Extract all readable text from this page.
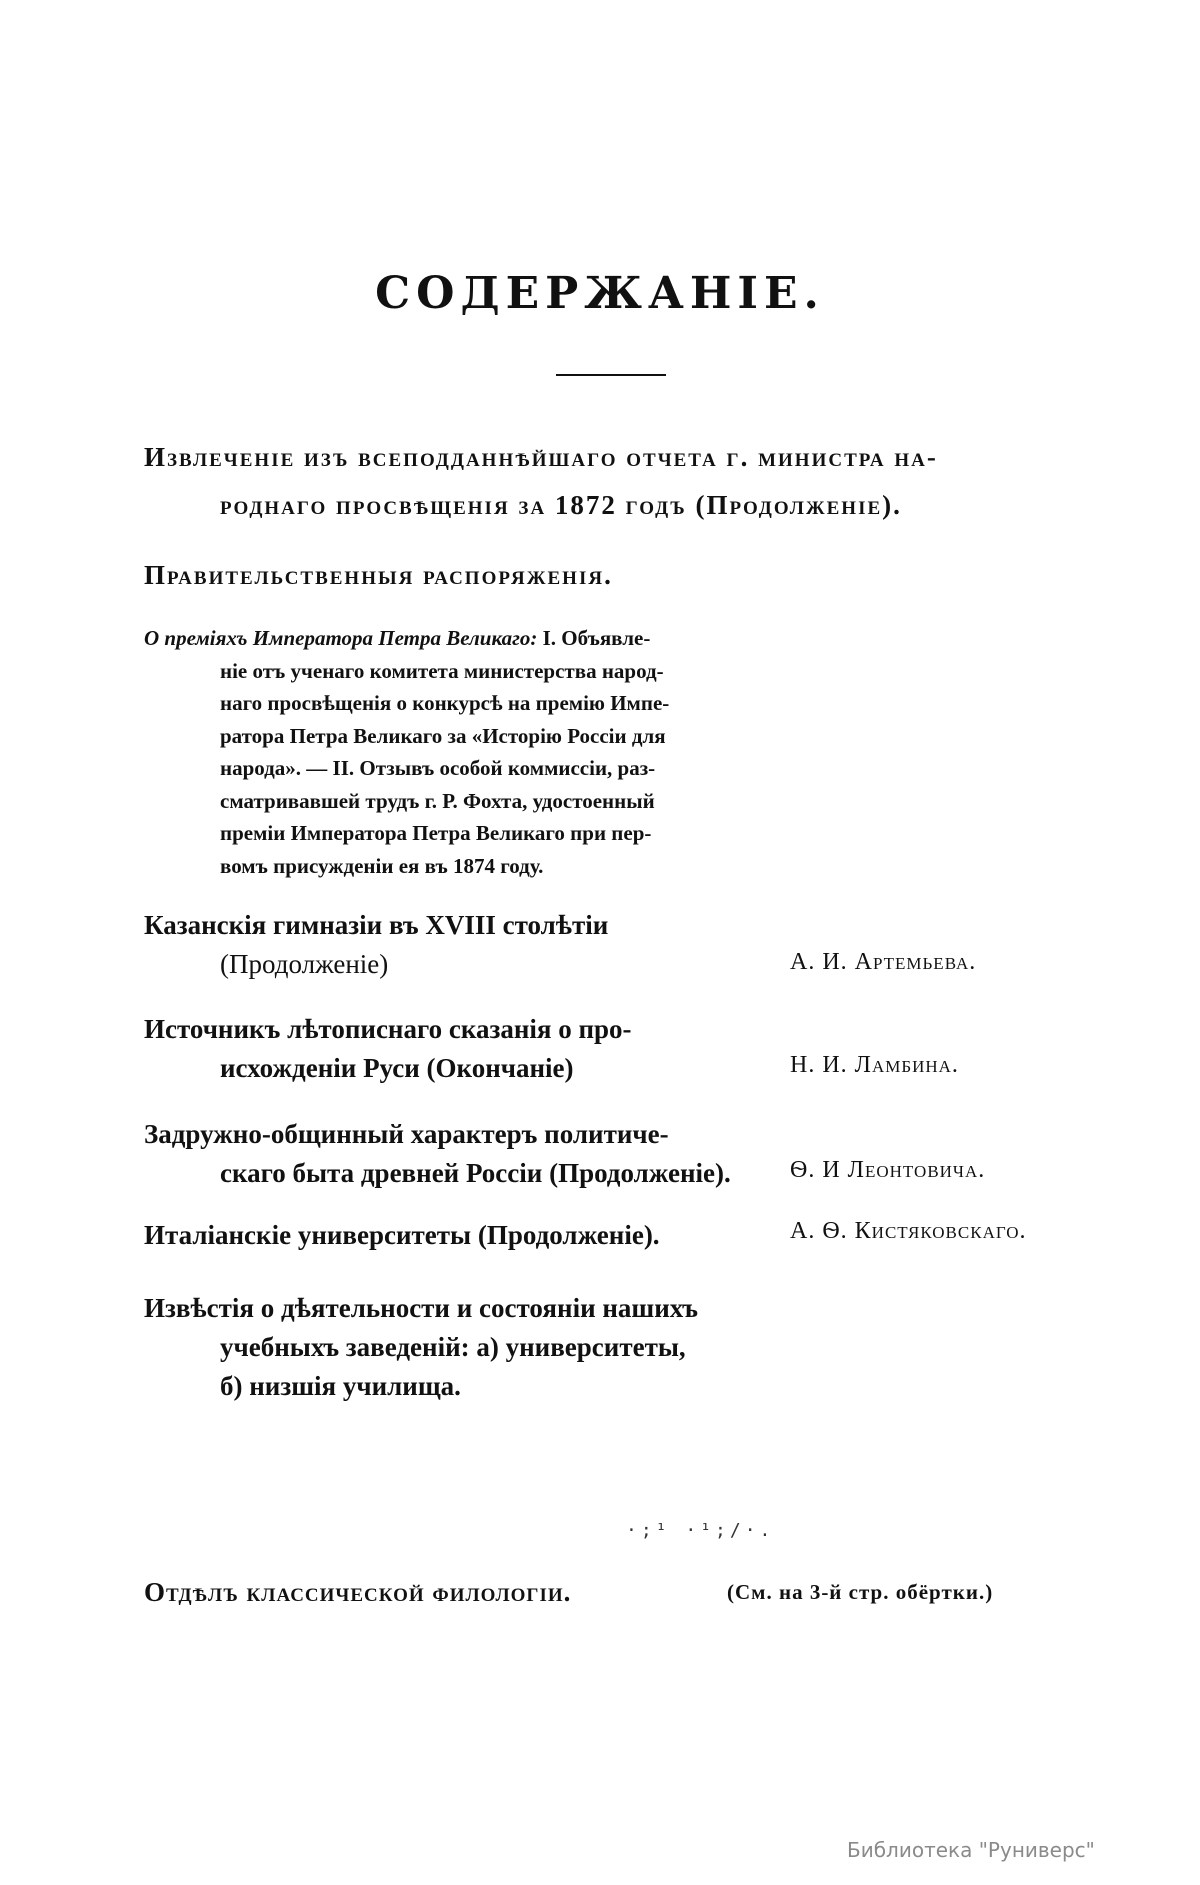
СОДЕРЖАНІЕ.
Извлеченіе изъ всеподданнѣйшаго отчета г. министра на-
роднаго просвѣщенія за 1872 годъ (Продолженіе).
Правительственныя распоряженія.
О преміяхъ Императора Петра Великаго: I. Объявле-
ніе отъ ученаго комитета министерства народ-
наго просвѣщенія о конкурсѣ на премію Импе-
ратора Петра Великаго за «Исторію Россіи для
народа». — II. Отзывъ особой коммиссіи, раз-
сматривавшей трудъ г. Р. Фохта, удостоенный
преміи Императора Петра Великаго при пер-
вомъ присужденіи ея въ 1874 году.
Казанскія гимназіи въ XVIII столѣтіи
(Продолженіе)	А. И. Артемьева.
Источникъ лѣтописнаго сказанія о про-
исхожденіи Руси (Окончаніе)	Н. И. Ламбина.
Задружно-общинный характеръ политиче-
скаго быта древней Россіи (Продолженіе).	Ѳ. И Леонтовича.
Италіанскіе университеты (Продолженіе).	А. Ѳ. Кистяковскаго.
Извѣстія о дѣятельности и состояніи нашихъ
учебныхъ заведеній: а) университеты,
б) низшія училища.
·;¹ ·¹;/·.
Отдѣлъ классической филологіи.	(См. на 3-й стр. обёртки.)
Библиотека "Руниверс"
